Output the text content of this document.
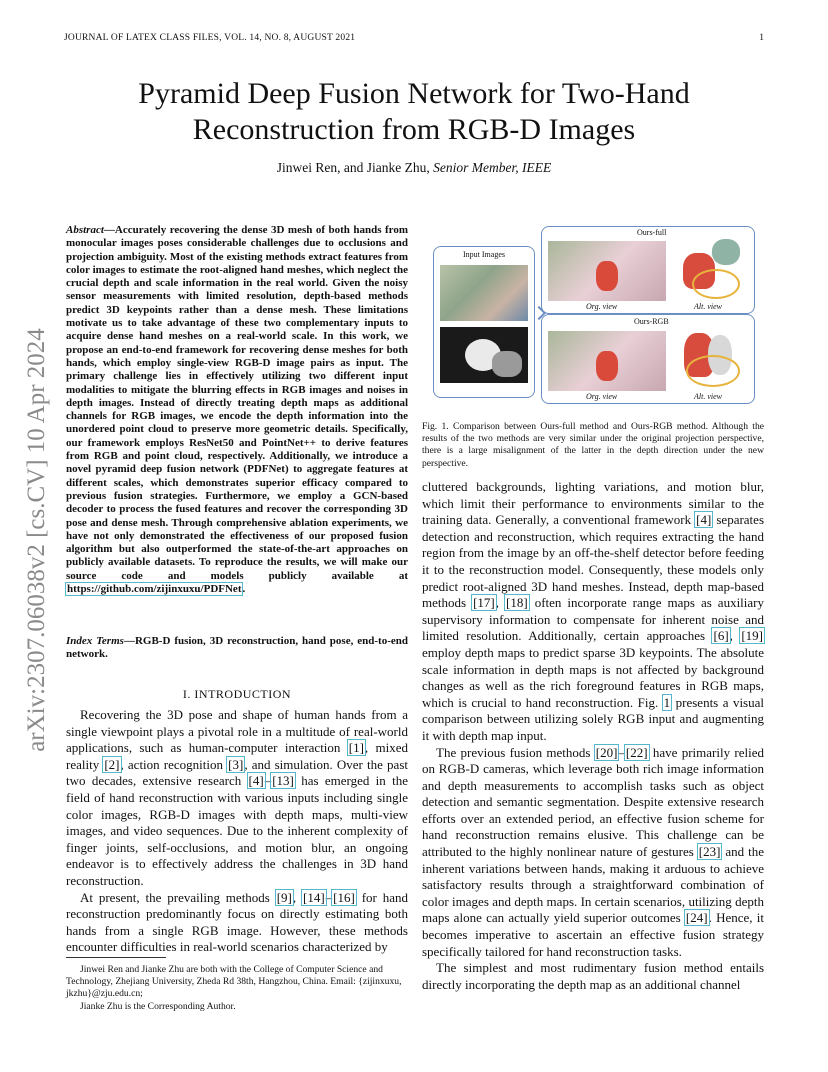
JOURNAL OF LATEX CLASS FILES, VOL. 14, NO. 8, AUGUST 2021	1
Pyramid Deep Fusion Network for Two-Hand
Reconstruction from RGB-D Images
Jinwei Ren, and Jianke Zhu, Senior Member, IEEE
arXiv:2307.06038v2 [cs.CV] 10 Apr 2024
Abstract—Accurately recovering the dense 3D mesh of both hands from monocular images poses considerable challenges due to occlusions and projection ambiguity. Most of the existing methods extract features from color images to estimate the root-aligned hand meshes, which neglect the crucial depth and scale information in the real world. Given the noisy sensor measurements with limited resolution, depth-based methods predict 3D keypoints rather than a dense mesh. These limitations motivate us to take advantage of these two complementary inputs to acquire dense hand meshes on a real-world scale. In this work, we propose an end-to-end framework for recovering dense meshes for both hands, which employ single-view RGB-D image pairs as input. The primary challenge lies in effectively utilizing two different input modalities to mitigate the blurring effects in RGB images and noises in depth images. Instead of directly treating depth maps as additional channels for RGB images, we encode the depth information into the unordered point cloud to preserve more geometric details. Specifically, our framework employs ResNet50 and PointNet++ to derive features from RGB and point cloud, respectively. Additionally, we introduce a novel pyramid deep fusion network (PDFNet) to aggregate features at different scales, which demonstrates superior efficacy compared to previous fusion strategies. Furthermore, we employ a GCN-based decoder to process the fused features and recover the corresponding 3D pose and dense mesh. Through comprehensive ablation experiments, we have not only demonstrated the effectiveness of our proposed fusion algorithm but also outperformed the state-of-the-art approaches on publicly available datasets. To reproduce the results, we will make our source code and models publicly available at https://github.com/zijinxuxu/PDFNet.
Index Terms—RGB-D fusion, 3D reconstruction, hand pose, end-to-end network.
I. INTRODUCTION

Recovering the 3D pose and shape of human hands from a single viewpoint plays a pivotal role in a multitude of real-world applications, such as human-computer interaction [1], mixed reality [2], action recognition [3], and simulation. Over the past two decades, extensive research [4]–[13] has emerged in the field of hand reconstruction with various inputs including single color images, RGB-D images with depth maps, multi-view images, and video sequences. Due to the inherent complexity of finger joints, self-occlusions, and motion blur, an ongoing endeavor is to effectively address the challenges in 3D hand reconstruction.

At present, the prevailing methods [9], [14]–[16] for hand reconstruction predominantly focus on directly estimating both hands from a single RGB image. However, these methods encounter difficulties in real-world scenarios characterized by

Jinwei Ren and Jianke Zhu are both with the College of Computer Science and Technology, Zhejiang University, Zheda Rd 38th, Hangzhou, China. Email: {zijinxuxu, jkzhu}@zju.edu.cn;

Jianke Zhu is the Corresponding Author.

Input Images
Ours-full
Org. view	Alt. view
Ours-RGB
Org. view	Alt. view
Fig. 1. Comparison between Ours-full method and Ours-RGB method. Although the results of the two methods are very similar under the original projection perspective, there is a large misalignment of the latter in the depth direction under the new perspective.

cluttered backgrounds, lighting variations, and motion blur, which limit their performance to environments similar to the training data. Generally, a conventional framework [4] separates detection and reconstruction, which requires extracting the hand region from the image by an off-the-shelf detector before feeding it to the reconstruction model. Consequently, these models only predict root-aligned 3D hand meshes. Instead, depth map-based methods [17], [18] often incorporate range maps as auxiliary supervisory information to compensate for inherent noise and limited resolution. Additionally, certain approaches [6], [19] employ depth maps to predict sparse 3D keypoints. The absolute scale information in depth maps is not affected by background changes as well as the rich foreground features in RGB maps, which is crucial to hand reconstruction. Fig. 1 presents a visual comparison between utilizing solely RGB input and augmenting it with depth map input.

The previous fusion methods [20]–[22] have primarily relied on RGB-D cameras, which leverage both rich image information and depth measurements to accomplish tasks such as object detection and semantic segmentation. Despite extensive research efforts over an extended period, an effective fusion scheme for hand reconstruction remains elusive. This challenge can be attributed to the highly nonlinear nature of gestures [23] and the inherent variations between hands, making it arduous to achieve satisfactory results through a straightforward combination of color images and depth maps. In certain scenarios, utilizing depth maps alone can actually yield superior outcomes [24]. Hence, it becomes imperative to ascertain an effective fusion strategy specifically tailored for hand reconstruction tasks.

The simplest and most rudimentary fusion method entails directly incorporating the depth map as an additional channel
